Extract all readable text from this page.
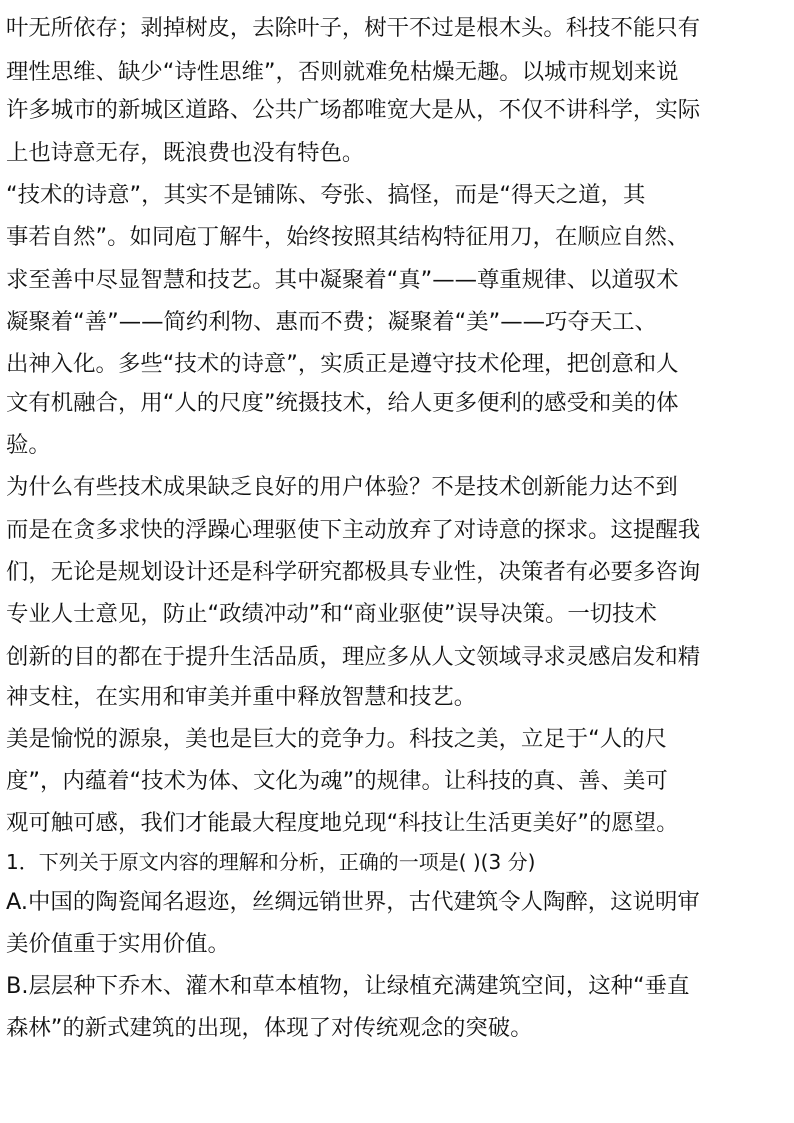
叶无所依存；剥掉树皮，去除叶子，树干不过是根木头。科技不能只有
理性思维、缺少“诗性思维”，否则就难免枯燥无趣。以城市规划来说
许多城市的新城区道路、公共广场都唯宽大是从，不仅不讲科学，实际
上也诗意无存，既浪费也没有特色。
“技术的诗意”，其实不是铺陈、夸张、搞怪，而是“得天之道，其
事若自然”。如同庖丁解牛，始终按照其结构特征用刀，在顺应自然、
求至善中尽显智慧和技艺。其中凝聚着“真”——尊重规律、以道驭术
凝聚着“善”——简约利物、惠而不费；凝聚着“美”——巧夺天工、
出神入化。多些“技术的诗意”，实质正是遵守技术伦理，把创意和人
文有机融合，用“人的尺度”统摄技术，给人更多便利的感受和美的体
验。
为什么有些技术成果缺乏良好的用户体验？不是技术创新能力达不到
而是在贪多求快的浮躁心理驱使下主动放弃了对诗意的探求。这提醒我
们，无论是规划设计还是科学研究都极具专业性，决策者有必要多咨询
专业人士意见，防止“政绩冲动”和“商业驱使”误导决策。一切技术
创新的目的都在于提升生活品质，理应多从人文领域寻求灵感启发和精
神支柱，在实用和审美并重中释放智慧和技艺。
美是愉悦的源泉，美也是巨大的竞争力。科技之美，立足于“人的尺
度”，内蕴着“技术为体、文化为魂”的规律。让科技的真、善、美可
观可触可感，我们才能最大程度地兑现“科技让生活更美好”的愿望。
1．下列关于原文内容的理解和分析，正确的一项是( )(3 分)
A.中国的陶瓷闻名遐迩，丝绸远销世界，古代建筑令人陶醉，这说明审
美价值重于实用价值。
B.层层种下乔木、灌木和草本植物，让绿植充满建筑空间，这种“垂直
森林”的新式建筑的出现，体现了对传统观念的突破。
